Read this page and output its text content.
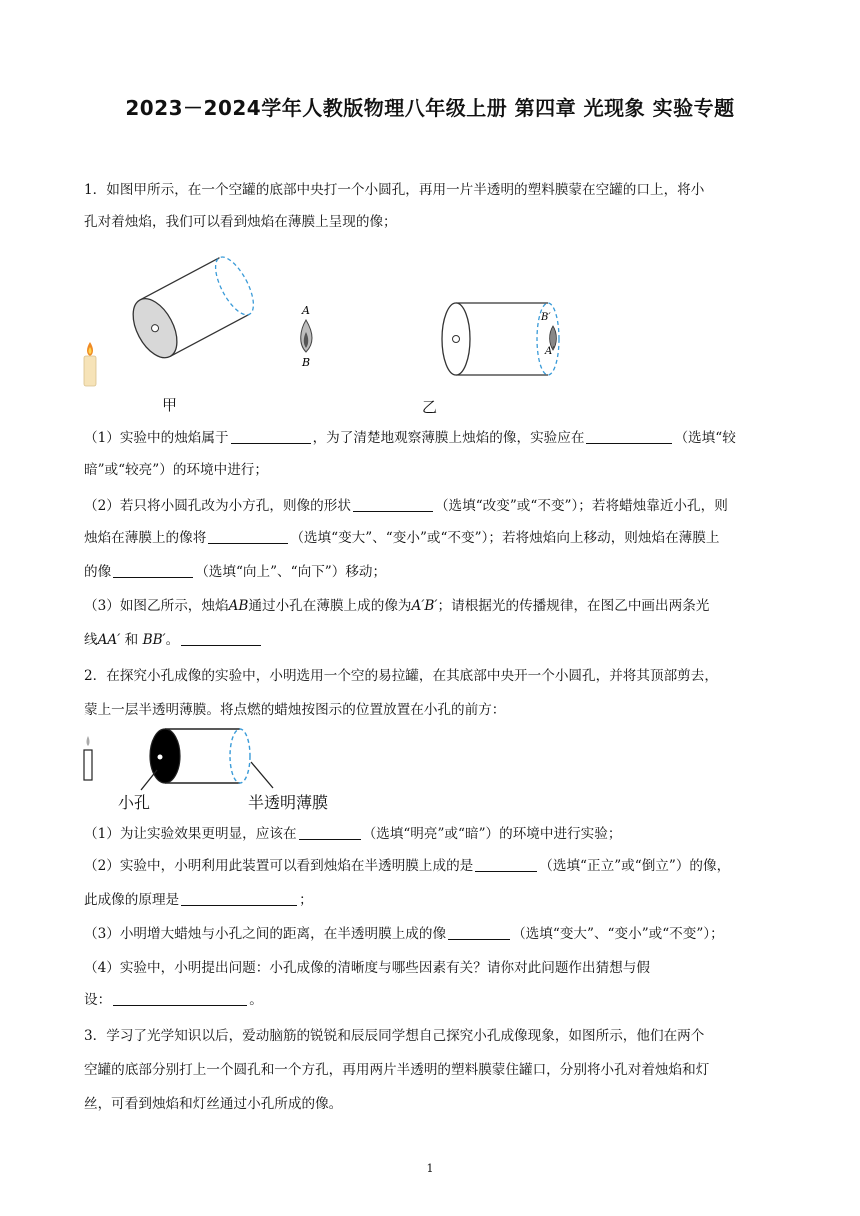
2023－2024学年人教版物理八年级上册 第四章 光现象 实验专题
1．如图甲所示，在一个空罐的底部中央打一个小圆孔，再用一片半透明的塑料膜蒙在空罐的口上，将小
孔对着烛焰，我们可以看到烛焰在薄膜上呈现的像；
A
B
B′
A′
甲	乙
（1）实验中的烛焰属于	，为了清楚地观察薄膜上烛焰的像，实验应在	（选填“较
暗”或“较亮”）的环境中进行；
（2）若只将小圆孔改为小方孔，则像的形状	（选填“改变”或“不变”）；若将蜡烛靠近小孔，则
烛焰在薄膜上的像将	（选填“变大”、“变小”或“不变”）；若将烛焰向上移动，则烛焰在薄膜上
的像	（选填“向上”、“向下”）移动；
（3）如图乙所示，烛焰AB通过小孔在薄膜上成的像为A′B′；请根据光的传播规律，在图乙中画出两条光
线AA′ 和 BB′。
2．在探究小孔成像的实验中，小明选用一个空的易拉罐，在其底部中央开一个小圆孔，并将其顶部剪去，
蒙上一层半透明薄膜。将点燃的蜡烛按图示的位置放置在小孔的前方：
小孔	半透明薄膜
（1）为让实验效果更明显，应该在	（选填“明亮”或“暗”）的环境中进行实验；
（2）实验中，小明利用此装置可以看到烛焰在半透明膜上成的是	（选填“正立”或“倒立”）的像，
此成像的原理是	；
（3）小明增大蜡烛与小孔之间的距离，在半透明膜上成的像	（选填“变大”、“变小”或“不变”）；
（4）实验中，小明提出问题：小孔成像的清晰度与哪些因素有关？请你对此问题作出猜想与假
设：	。
3．学习了光学知识以后，爱动脑筋的锐锐和辰辰同学想自己探究小孔成像现象，如图所示，他们在两个
空罐的底部分别打上一个圆孔和一个方孔，再用两片半透明的塑料膜蒙住罐口，分别将小孔对着烛焰和灯
丝，可看到烛焰和灯丝通过小孔所成的像。
1
